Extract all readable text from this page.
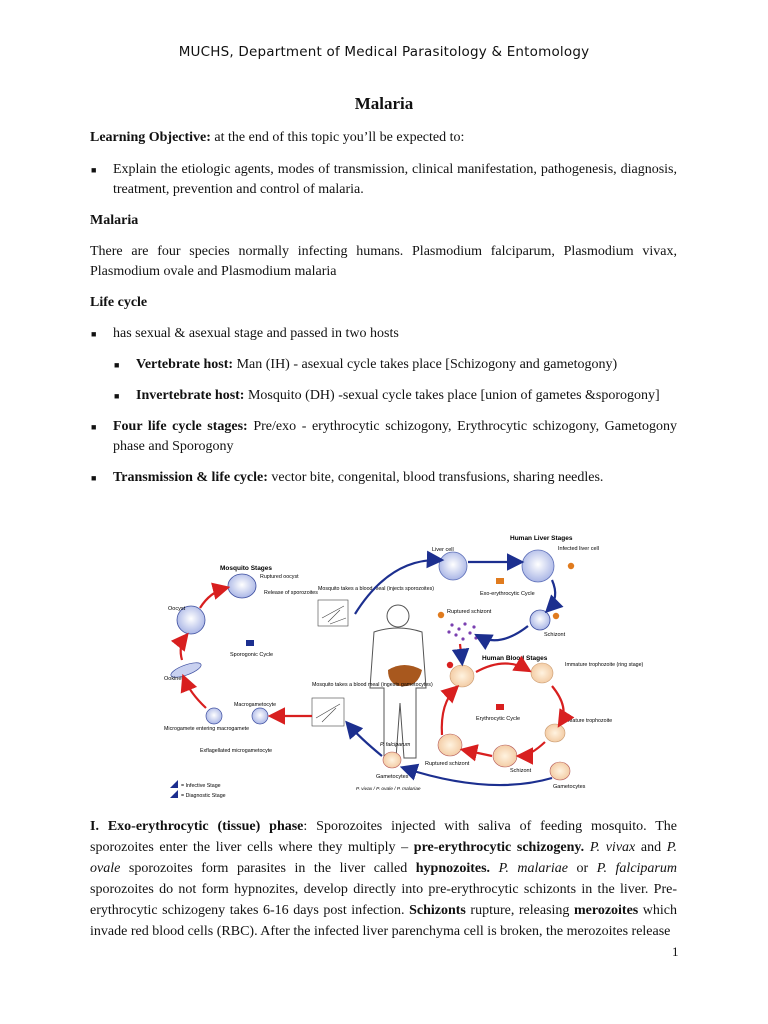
MUCHS, Department of Medical Parasitology & Entomology
Malaria

Learning Objective: at the end of this topic you’ll be expected to:

■ Explain the etiologic agents, modes of transmission, clinical manifestation, pathogenesis, diagnosis, treatment, prevention and control of malaria.

Malaria

There are four species normally infecting humans. Plasmodium falciparum, Plasmodium vivax, Plasmodium ovale and Plasmodium malaria

Life cycle

■ has sexual & asexual stage and passed in two hosts

■ Vertebrate host: Man (IH) - asexual cycle takes place [Schizogony and gametogony)

■ Invertebrate host: Mosquito (DH) -sexual cycle takes place [union of gametes &sporogony]

■ Four life cycle stages: Pre/exo - erythrocytic schizogony, Erythrocytic schizogony, Gametogony phase and Sporogony

■ Transmission & life cycle: vector bite, congenital, blood transfusions, sharing needles.

Human Liver Stages
Mosquito Stages
Human Blood Stages
Liver cell	Infected liver cell
Exo-erythrocytic Cycle
Schizont
Ruptured schizont
Immature trophozoite (ring stage)
Erythrocytic Cycle	Mature trophozoite
Schizont
Ruptured schizont
Gametocytes
Mosquito takes a blood meal (injects sporozoites)
Mosquito takes a blood meal (ingests gametocytes)
Ruptured oocyst
Release of sporozoites
Oocyst
Sporogonic Cycle
Ookinete
Microgamete entering macrogamete
Macrogametocyte
Exflagellated microgametocyte
P. falciparum
Gametocytes
P. vivax / P. ovale / P. malariae
= Infective Stage
= Diagnostic Stage
I. Exo-erythrocytic (tissue) phase: Sporozoites injected with saliva of feeding mosquito. The sporozoites enter the liver cells where they multiply – pre-erythrocytic schizogeny. P. vivax and P. ovale sporozoites form parasites in the liver called hypnozoites. P. malariae or P. falciparum sporozoites do not form hypnozites, develop directly into pre-erythrocytic schizonts in the liver. Pre-erythrocytic schizogeny takes 6-16 days post infection. Schizonts rupture, releasing merozoites which invade red blood cells (RBC). After the infected liver parenchyma cell is broken, the merozoites release
1
